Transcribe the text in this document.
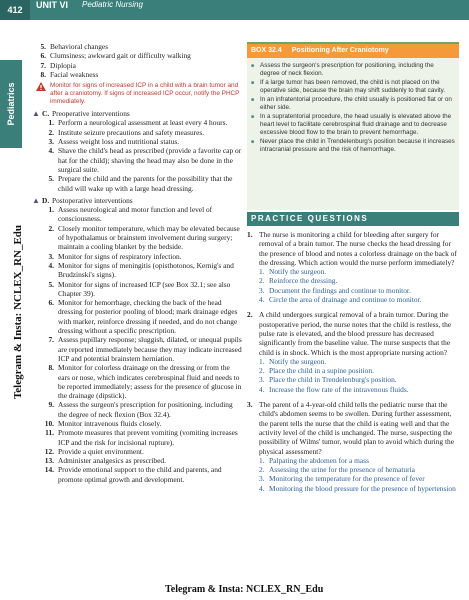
412	UNIT VI Pediatric Nursing
Pediatrics
Telegram & Insta: NCLEX_RN_Edu
5. Behavioral changes
6. Clumsiness; awkward gait or difficulty walking
7. Diplopia
8. Facial weakness
Monitor for signs of increased ICP in a child with a brain tumor and after a craniotomy. If signs of increased ICP occur, notify the PHCP immediately.
▲ C. Preoperative interventions
1. Perform a neurological assessment at least every 4 hours.
2. Institute seizure precautions and safety measures.
3. Assess weight loss and nutritional status.
4. Shave the child's head as prescribed (provide a favorite cap or hat for the child); shaving the head may also be done in the surgical suite.
5. Prepare the child and the parents for the possibility that the child will wake up with a large head dressing.
▲ D. Postoperative interventions
1. Assess neurological and motor function and level of consciousness.
2. Closely monitor temperature, which may be elevated because of hypothalamus or brainstem involvement during surgery; maintain a cooling blanket by the bedside.
3. Monitor for signs of respiratory infection.
4. Monitor for signs of meningitis (opisthotonos, Kernig's and Brudzinski's signs).
5. Monitor for signs of increased ICP (see Box 32.1; see also Chapter 39).
6. Monitor for hemorrhage, checking the back of the head dressing for posterior pooling of blood; mark drainage edges with marker, reinforce dressing if needed, and do not change dressing without a specific prescription.
7. Assess pupillary response; sluggish, dilated, or unequal pupils are reported immediately because they may indicate increased ICP and potential brainstem herniation.
8. Monitor for colorless drainage on the dressing or from the ears or nose, which indicates cerebrospinal fluid and needs to be reported immediately; assess for the presence of glucose in the drainage (dipstick).
9. Assess the surgeon's prescription for positioning, including the degree of neck flexion (Box 32.4).
10. Monitor intravenous fluids closely.
11. Promote measures that prevent vomiting (vomiting increases ICP and the risk for incisional rupture).
12. Provide a quiet environment.
13. Administer analgesics as prescribed.
14. Provide emotional support to the child and parents, and promote optimal growth and development.
BOX 32.4 Positioning After Craniotomy
■ Assess the surgeon's prescription for positioning, including the degree of neck flexion.
■ If a large tumor has been removed, the child is not placed on the operative side, because the brain may shift suddenly to that cavity.
■ In an infratentorial procedure, the child usually is positioned flat or on either side.
■ In a supratentorial procedure, the head usually is elevated above the heart level to facilitate cerebrospinal fluid drainage and to decrease excessive blood flow to the brain to prevent hemorrhage.
■ Never place the child in Trendelenburg's position because it increases intracranial pressure and the risk of hemorrhage.
PRACTICE QUESTIONS
1. The nurse is monitoring a child for bleeding after surgery for removal of a brain tumor. The nurse checks the head dressing for the presence of blood and notes a colorless drainage on the back of the dressing. Which action would the nurse perform immediately?
1. Notify the surgeon.
2. Reinforce the dressing.
3. Document the findings and continue to monitor.
4. Circle the area of drainage and continue to monitor.
2. A child undergoes surgical removal of a brain tumor. During the postoperative period, the nurse notes that the child is restless, the pulse rate is elevated, and the blood pressure has decreased significantly from the baseline value. The nurse suspects that the child is in shock. Which is the most appropriate nursing action?
1. Notify the surgeon.
2. Place the child in a supine position.
3. Place the child in Trendelenburg's position.
4. Increase the flow rate of the intravenous fluids.
3. The parent of a 4-year-old child tells the pediatric nurse that the child's abdomen seems to be swollen. During further assessment, the parent tells the nurse that the child is eating well and that the activity level of the child is unchanged. The nurse, suspecting the possibility of Wilms' tumor, would plan to avoid which during the physical assessment?
1. Palpating the abdomen for a mass
2. Assessing the urine for the presence of hematuria
3. Monitoring the temperature for the presence of fever
4. Monitoring the blood pressure for the presence of hypertension
Telegram & Insta: NCLEX_RN_Edu
